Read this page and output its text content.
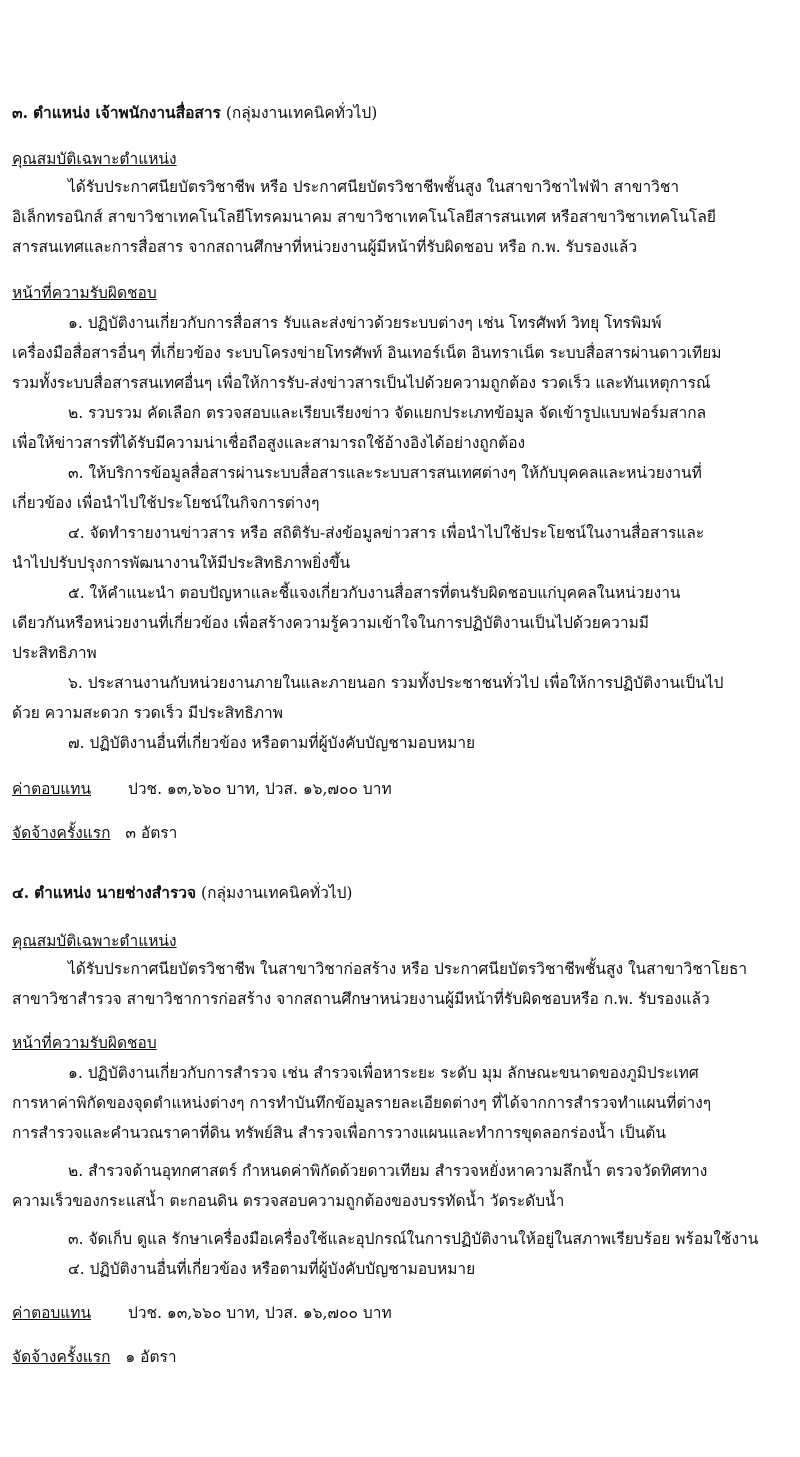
๓. ตำแหน่ง เจ้าพนักงานสื่อสาร (กลุ่มงานเทคนิคทั่วไป)
คุณสมบัติเฉพาะตำแหน่ง
ได้รับประกาศนียบัตรวิชาชีพ หรือ ประกาศนียบัตรวิชาชีพชั้นสูง ในสาขาวิชาไฟฟ้า สาขาวิชา
อิเล็กทรอนิกส์ สาขาวิชาเทคโนโลยีโทรคมนาคม สาขาวิชาเทคโนโลยีสารสนเทศ หรือสาขาวิชาเทคโนโลยี
สารสนเทศและการสื่อสาร จากสถานศึกษาที่หน่วยงานผู้มีหน้าที่รับผิดชอบ หรือ ก.พ. รับรองแล้ว
หน้าที่ความรับผิดชอบ
๑. ปฏิบัติงานเกี่ยวกับการสื่อสาร รับและส่งข่าวด้วยระบบต่างๆ เช่น โทรศัพท์ วิทยุ โทรพิมพ์
เครื่องมือสื่อสารอื่นๆ ที่เกี่ยวข้อง ระบบโครงข่ายโทรศัพท์ อินเทอร์เน็ต อินทราเน็ต ระบบสื่อสารผ่านดาวเทียม
รวมทั้งระบบสื่อสารสนเทศอื่นๆ เพื่อให้การรับ-ส่งข่าวสารเป็นไปด้วยความถูกต้อง รวดเร็ว และทันเหตุการณ์
๒. รวบรวม คัดเลือก ตรวจสอบและเรียบเรียงข่าว จัดแยกประเภทข้อมูล จัดเข้ารูปแบบฟอร์มสากล
เพื่อให้ข่าวสารที่ได้รับมีความน่าเชื่อถือสูงและสามารถใช้อ้างอิงได้อย่างถูกต้อง
๓. ให้บริการข้อมูลสื่อสารผ่านระบบสื่อสารและระบบสารสนเทศต่างๆ ให้กับบุคคลและหน่วยงานที่
เกี่ยวข้อง เพื่อนำไปใช้ประโยชน์ในกิจการต่างๆ
๔. จัดทำรายงานข่าวสาร หรือ สถิติรับ-ส่งข้อมูลข่าวสาร เพื่อนำไปใช้ประโยชน์ในงานสื่อสารและ
นำไปปรับปรุงการพัฒนางานให้มีประสิทธิภาพยิ่งขึ้น
๕. ให้คำแนะนำ ตอบปัญหาและชี้แจงเกี่ยวกับงานสื่อสารที่ตนรับผิดชอบแก่บุคคลในหน่วยงาน
เดียวกันหรือหน่วยงานที่เกี่ยวข้อง เพื่อสร้างความรู้ความเข้าใจในการปฏิบัติงานเป็นไปด้วยความมี
ประสิทธิภาพ
๖. ประสานงานกับหน่วยงานภายในและภายนอก รวมทั้งประชาชนทั่วไป เพื่อให้การปฏิบัติงานเป็นไป
ด้วย ความสะดวก รวดเร็ว มีประสิทธิภาพ
๗. ปฏิบัติงานอื่นที่เกี่ยวข้อง หรือตามที่ผู้บังคับบัญชามอบหมาย
ค่าตอบแทน ปวช. ๑๓,๖๖๐ บาท, ปวส. ๑๖,๗๐๐ บาท
จัดจ้างครั้งแรก ๓ อัตรา
๔. ตำแหน่ง นายช่างสำรวจ (กลุ่มงานเทคนิคทั่วไป)
คุณสมบัติเฉพาะตำแหน่ง
ได้รับประกาศนียบัตรวิชาชีพ ในสาขาวิชาก่อสร้าง หรือ ประกาศนียบัตรวิชาชีพชั้นสูง ในสาขาวิชาโยธา
สาขาวิชาสำรวจ สาขาวิชาการก่อสร้าง จากสถานศึกษาหน่วยงานผู้มีหน้าที่รับผิดชอบหรือ ก.พ. รับรองแล้ว
หน้าที่ความรับผิดชอบ
๑. ปฏิบัติงานเกี่ยวกับการสำรวจ เช่น สำรวจเพื่อหาระยะ ระดับ มุม ลักษณะขนาดของภูมิประเทศ
การหาค่าพิกัดของจุดตำแหน่งต่างๆ การทำบันทึกข้อมูลรายละเอียดต่างๆ ที่ได้จากการสำรวจทำแผนที่ต่างๆ
การสำรวจและคำนวณราคาที่ดิน ทรัพย์สิน สำรวจเพื่อการวางแผนและทำการขุดลอกร่องน้ำ เป็นต้น
๒. สำรวจด้านอุทกศาสตร์ กำหนดค่าพิกัดด้วยดาวเทียม สำรวจหยั่งหาความลึกน้ำ ตรวจวัดทิศทาง
ความเร็วของกระแสน้ำ ตะกอนดิน ตรวจสอบความถูกต้องของบรรทัดน้ำ วัดระดับน้ำ
๓. จัดเก็บ ดูแล รักษาเครื่องมือเครื่องใช้และอุปกรณ์ในการปฏิบัติงานให้อยู่ในสภาพเรียบร้อย พร้อมใช้งาน
๔. ปฏิบัติงานอื่นที่เกี่ยวข้อง หรือตามที่ผู้บังคับบัญชามอบหมาย
ค่าตอบแทน ปวช. ๑๓,๖๖๐ บาท, ปวส. ๑๖,๗๐๐ บาท
จัดจ้างครั้งแรก ๑ อัตรา
